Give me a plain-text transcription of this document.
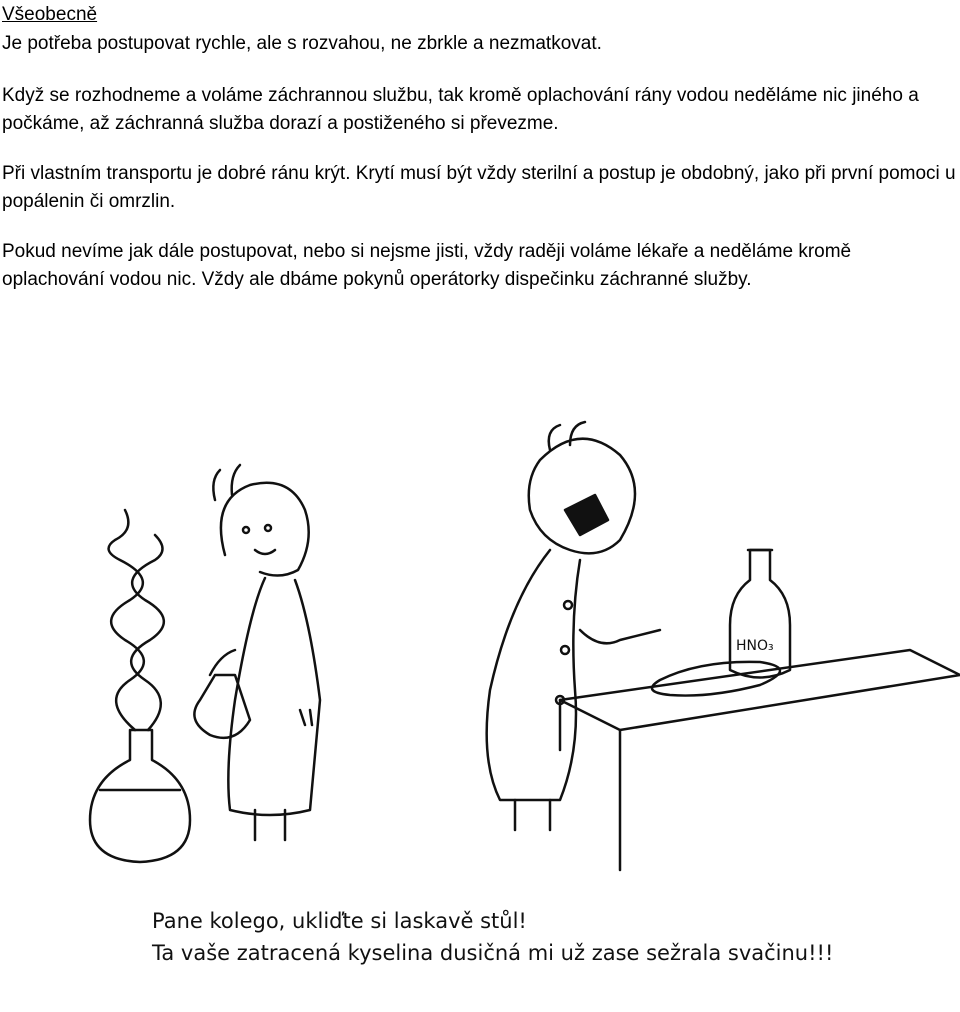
Všeobecně

Je potřeba postupovat rychle, ale s rozvahou, ne zbrkle a nezmatkovat.

Když se rozhodneme a voláme záchrannou službu, tak kromě oplachování rány vodou neděláme nic jiného a počkáme, až záchranná služba dorazí a postiženého si převezme.

Při vlastním transportu je dobré ránu krýt. Krytí musí být vždy sterilní a postup je obdobný, jako při první pomoci u popálenin či omrzlin.

Pokud nevíme jak dále postupovat, nebo si nejsme jisti, vždy raději voláme lékaře a neděláme kromě oplachování vodou nic. Vždy ale dbáme pokynů operátorky dispečinku záchranné služby.

HNO₃
Pane kolego, ukliďte si laskavě stůl!
Ta vaše zatracená kyselina dusičná mi už zase sežrala svačinu!!!
